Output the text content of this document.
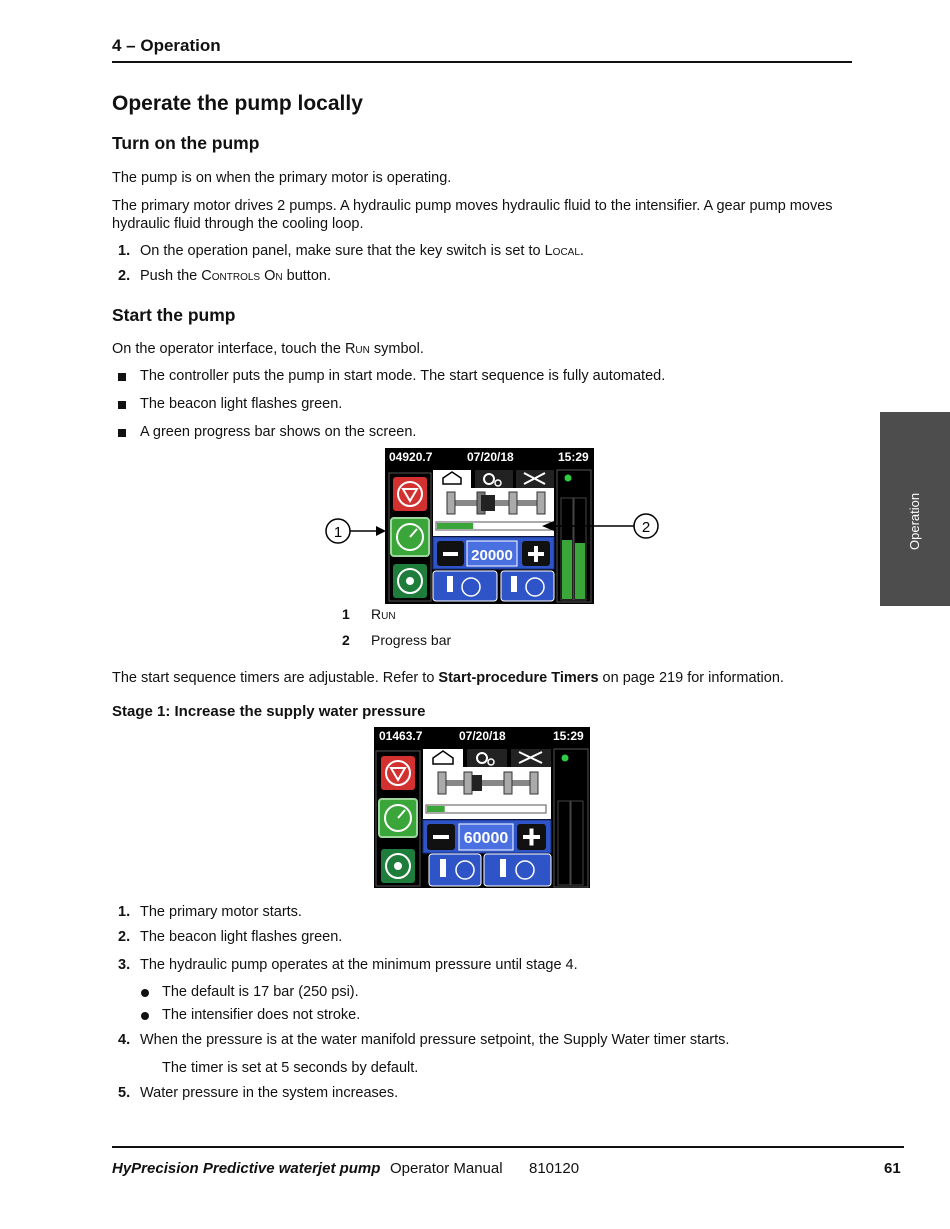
4 – Operation
Operate the pump locally
Turn on the pump
The pump is on when the primary motor is operating.
The primary motor drives 2 pumps. A hydraulic pump moves hydraulic fluid to the intensifier. A gear pump moves hydraulic fluid through the cooling loop.
1. On the operation panel, make sure that the key switch is set to Local.
2. Push the Controls On button.
Start the pump
On the operator interface, touch the Run symbol.
The controller puts the pump in start mode. The start sequence is fully automated.
The beacon light flashes green.
A green progress bar shows on the screen.
04920.7	07/20/18	15:29
20000
1	2
1 Run
2 Progress bar
The start sequence timers are adjustable. Refer to Start-procedure Timers on page 219 for information.
Stage 1: Increase the supply water pressure
01463.7	07/20/18	15:29
60000
1. The primary motor starts.
2. The beacon light flashes green.
3. The hydraulic pump operates at the minimum pressure until stage 4.
The default is 17 bar (250 psi).
The intensifier does not stroke.
4. When the pressure is at the water manifold pressure setpoint, the Supply Water timer starts.
The timer is set at 5 seconds by default.
5. Water pressure in the system increases.
Operation
HyPrecision Predictive waterjet pump Operator Manual 810120	61
